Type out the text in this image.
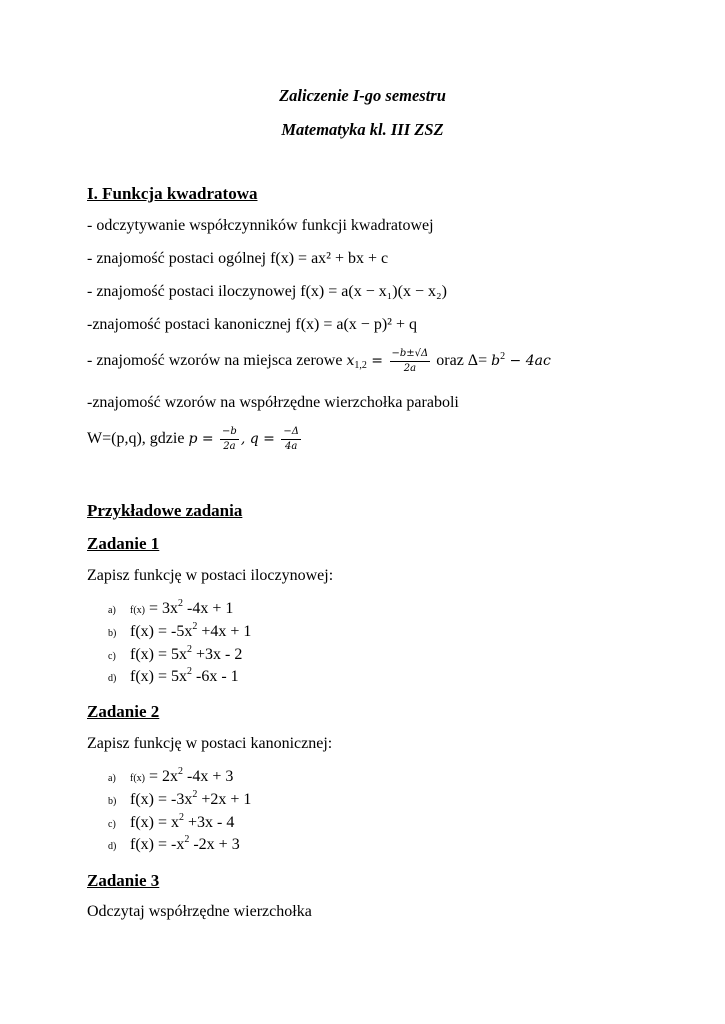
Zaliczenie I-go semestru
Matematyka kl. III ZSZ
I. Funkcja kwadratowa
- odczytywanie współczynników funkcji kwadratowej
- znajomość postaci ogólnej f(x) = ax² + bx + c
- znajomość postaci iloczynowej f(x) = a(x − x₁)(x − x₂)
-znajomość postaci kanonicznej f(x) = a(x − p)² + q
- znajomość wzorów na miejsca zerowe $x_{1,2} = \frac{-b\pm√\Delta}{2a}$ oraz $\Delta= b^2 - 4ac$
-znajomość wzorów na współrzędne wierzchołka paraboli
W=(p,q), gdzie $p = \frac{-b}{2a}$ , $q = \frac{-\Delta}{4a}$
Przykładowe zadania
Zadanie 1
Zapisz funkcję w postaci iloczynowej:
a) $f(x) = 3x^2$ -4x + 1
b) $f(x) = -5x^2 +4x + 1$
c) $f(x) = 5x^2 +3x - 2$
d) $f(x) = 5x^2$ -6x - 1
Zadanie 2
Zapisz funkcję w postaci kanonicznej:
a) $f(x) = 2x^2$ -4x + 3
b) $f(x) = -3x^2 +2x + 1$
c) $f(x) = x^2 +3x - 4$
d) $f(x) = -x^2$ -2x + 3
Zadanie 3
Odczytaj współrzędne wierzchołka
